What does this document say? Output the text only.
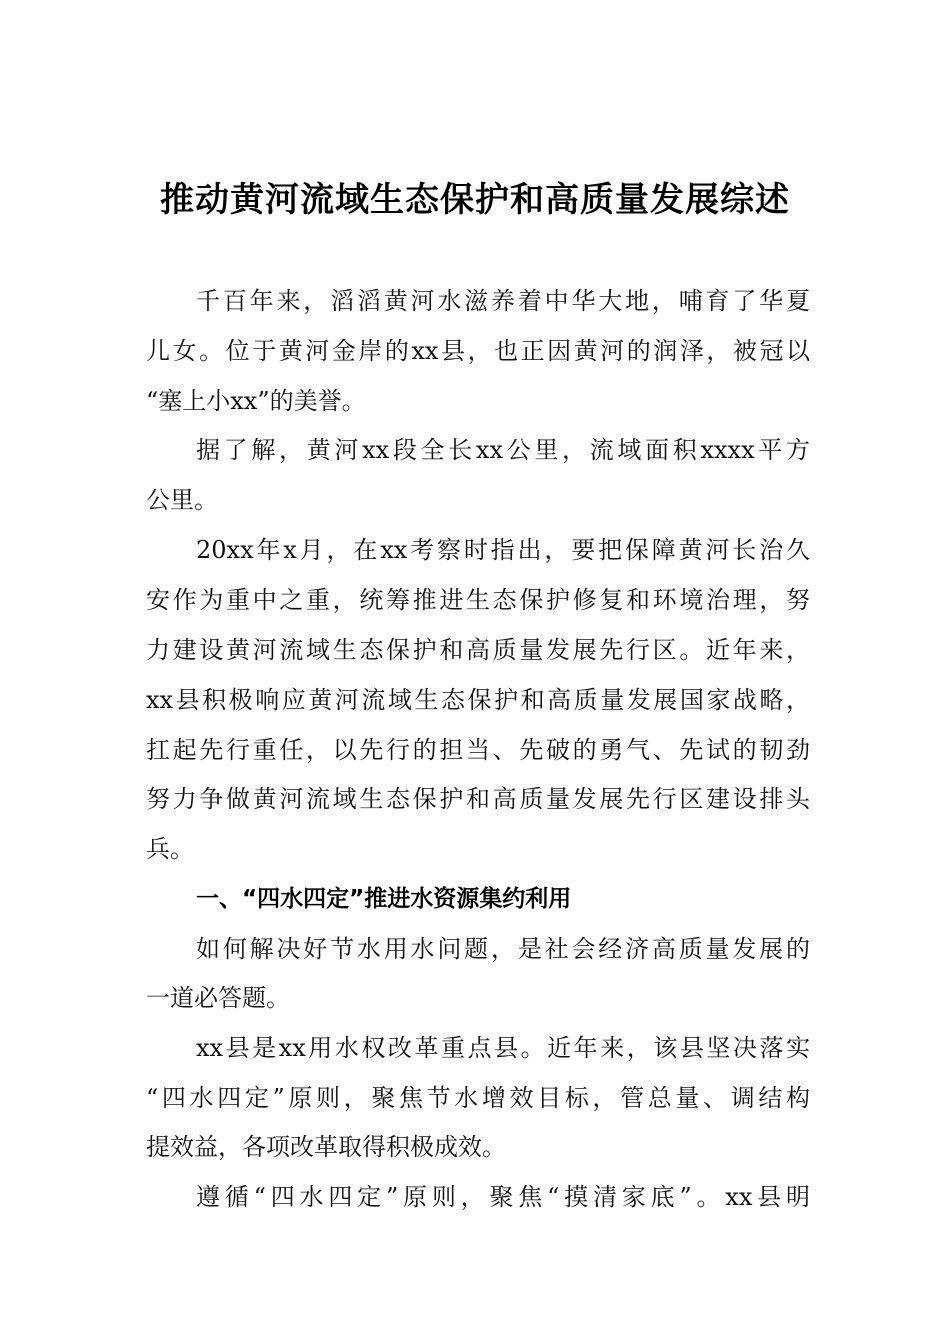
推动黄河流域生态保护和高质量发展综述
千百年来，滔滔黄河水滋养着中华大地，哺育了华夏
儿女。位于黄河金岸的xx县，也正因黄河的润泽，被冠以
“塞上小xx”的美誉。
据了解，黄河xx段全长xx公里，流域面积xxxx平方
公里。
20xx年x月，在xx考察时指出，要把保障黄河长治久
安作为重中之重，统筹推进生态保护修复和环境治理，努
力建设黄河流域生态保护和高质量发展先行区。近年来，
xx县积极响应黄河流域生态保护和高质量发展国家战略，
扛起先行重任，以先行的担当、先破的勇气、先试的韧劲
努力争做黄河流域生态保护和高质量发展先行区建设排头
兵。
一、“四水四定”推进水资源集约利用
如何解决好节水用水问题，是社会经济高质量发展的
一道必答题。
xx县是xx用水权改革重点县。近年来，该县坚决落实
“四水四定”原则，聚焦节水增效目标，管总量、调结构
提效益，各项改革取得积极成效。
遵循“四水四定”原则，聚焦“摸清家底”。xx县明
